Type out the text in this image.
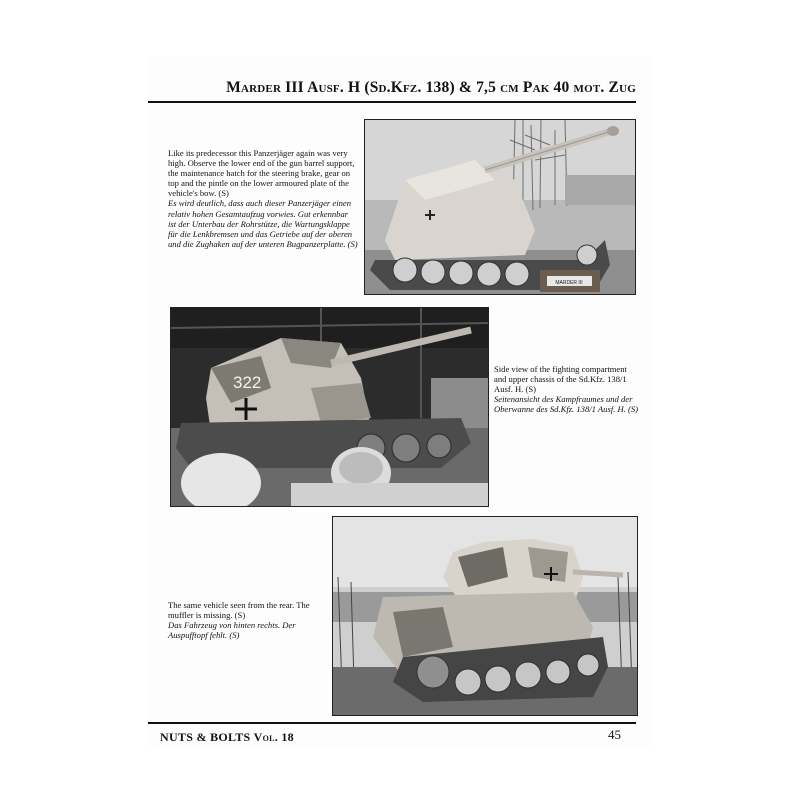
Marder III Ausf. H (Sd.Kfz. 138) & 7,5 cm Pak 40 mot. Zug
Like its predecessor this Panzerjäger again was very high. Observe the lower end of the gun barrel support, the maintenance hatch for the steering brake, gear on top and the pintle on the lower armoured plate of the vehicle's bow. (S)
Es wird deutlich, dass auch dieser Panzerjäger einen relativ hohen Gesamtaufzug vorwies. Gut erkennbar ist der Unterbau der Rohrstütze, die Wartungsklappe für die Lenkbremsen und das Getriebe auf der oberen und die Zughaken auf der unteren Bugpanzerplatte. (S)
MARDER III
322
Side view of the fighting compartment and upper chassis of the Sd.Kfz. 138/1 Ausf. H. (S)
Seitenansicht des Kampfraumes und der Oberwanne des Sd.Kfz. 138/1 Ausf. H. (S)
The same vehicle seen from the rear. The muffler is missing. (S)
Das Fahrzeug von hinten rechts. Der Auspufftopf fehlt. (S)
NUTS & BOLTS Vol. 18	45
